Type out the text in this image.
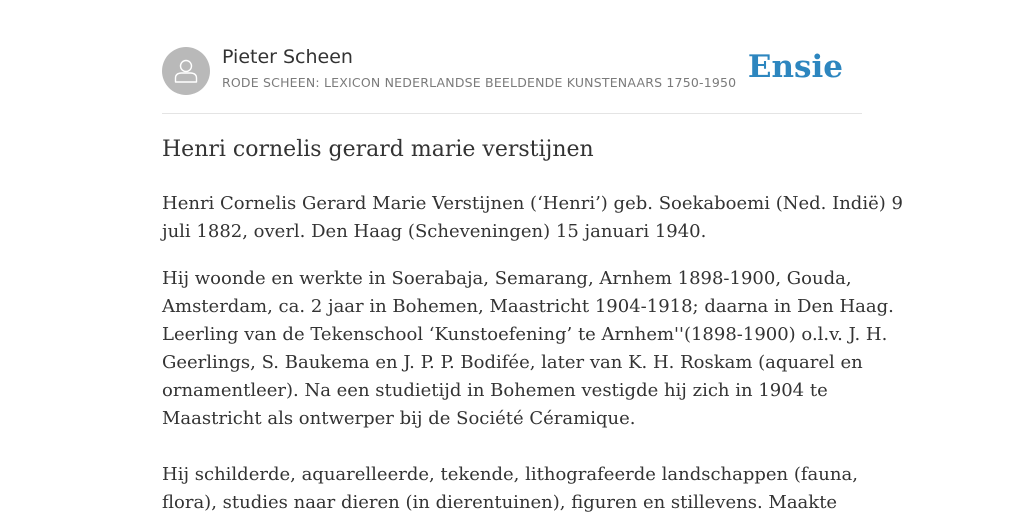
Pieter Scheen
RODE SCHEEN: LEXICON NEDERLANDSE BEELDENDE KUNSTENAARS 1750-1950 Ensie
Henri cornelis gerard marie verstijnen

Henri Cornelis Gerard Marie Verstijnen (‘Henri’) geb. Soekaboemi (Ned. Indië) 9
juli 1882, overl. Den Haag (Scheveningen) 15 januari 1940.

Hij woonde en werkte in Soerabaja, Semarang, Arnhem 1898-1900, Gouda,
Amsterdam, ca. 2 jaar in Bohemen, Maastricht 1904-1918; daarna in Den Haag.
Leerling van de Tekenschool ‘Kunstoefening’ te Arnhem''(1898-1900) o.l.v. J. H.
Geerlings, S. Baukema en J. P. P. Bodifée, later van K. H. Roskam (aquarel en
ornamentleer). Na een studietijd in Bohemen vestigde hij zich in 1904 te
Maastricht als ontwerper bij de Société Céramique.

Hij schilderde, aquarelleerde, tekende, lithografeerde landschappen (fauna,
flora), studies naar dieren (in dierentuinen), figuren en stillevens. Maakte
